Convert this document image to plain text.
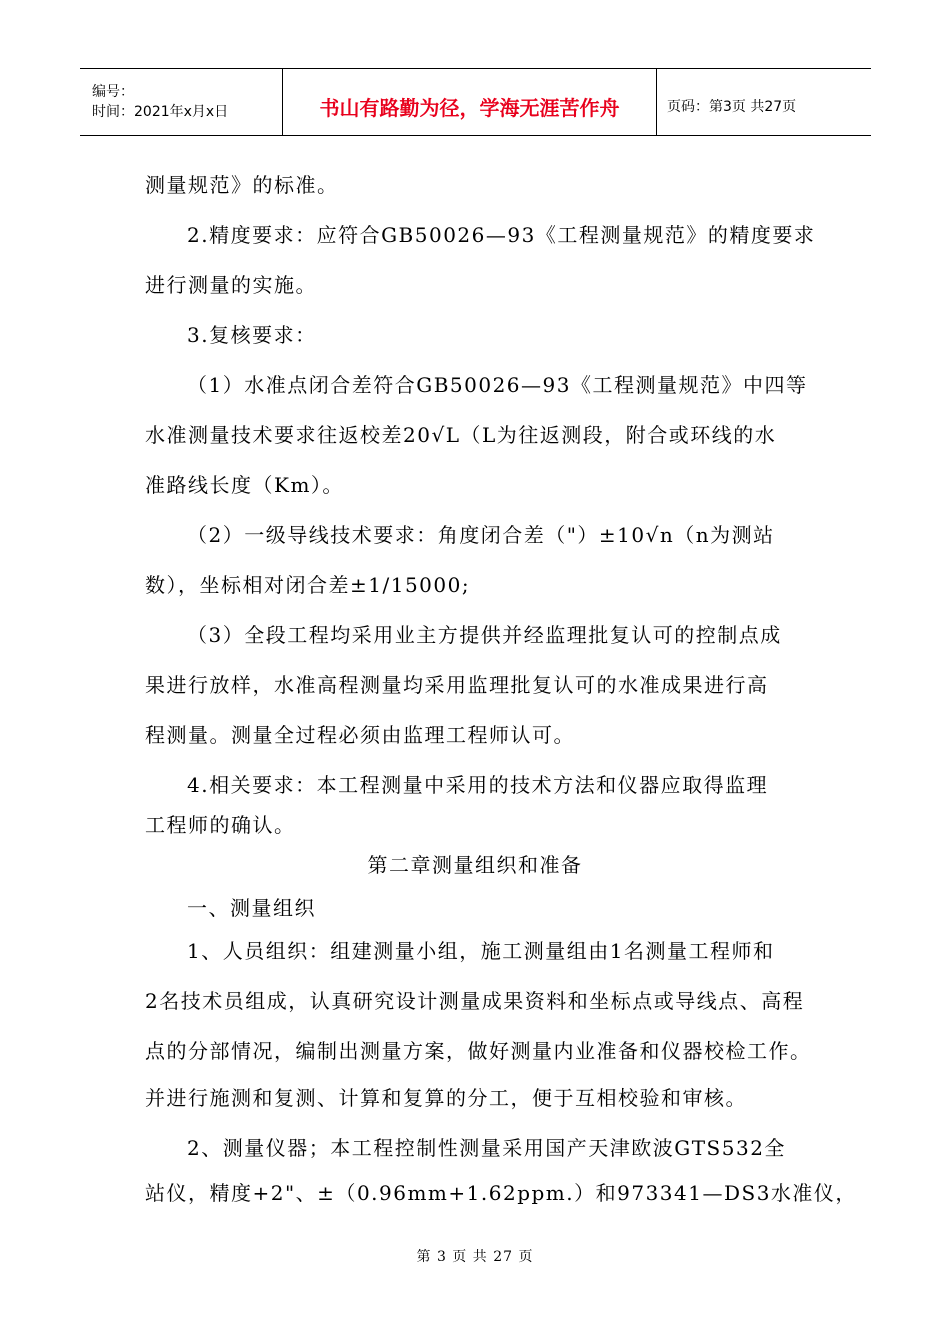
编号：
时间：2021年x月x日	书山有路勤为径，学海无涯苦作舟	页码：第3页 共27页
测量规范》的标准。
2.精度要求：应符合GB50026—93《工程测量规范》的精度要求
进行测量的实施。
3.复核要求：
（1）水准点闭合差符合GB50026—93《工程测量规范》中四等
水准测量技术要求往返校差20√L（L为往返测段，附合或环线的水
准路线长度（Km）。
（2）一级导线技术要求：角度闭合差（"）±10√n（n为测站
数），坐标相对闭合差±1/15000;
（3）全段工程均采用业主方提供并经监理批复认可的控制点成
果进行放样，水准高程测量均采用监理批复认可的水准成果进行高
程测量。测量全过程必须由监理工程师认可。
4.相关要求：本工程测量中采用的技术方法和仪器应取得监理
工程师的确认。
第二章测量组织和准备
一、测量组织
1、人员组织：组建测量小组，施工测量组由1名测量工程师和
2名技术员组成，认真研究设计测量成果资料和坐标点或导线点、高程
点的分部情况，编制出测量方案，做好测量内业准备和仪器校检工作。
并进行施测和复测、计算和复算的分工，便于互相校验和审核。
2、测量仪器；本工程控制性测量采用国产天津欧波GTS532全
站仪，精度+2"、±（0.96mm+1.62ppm.）和973341—DS3水准仪，
第 3 页 共 27 页
